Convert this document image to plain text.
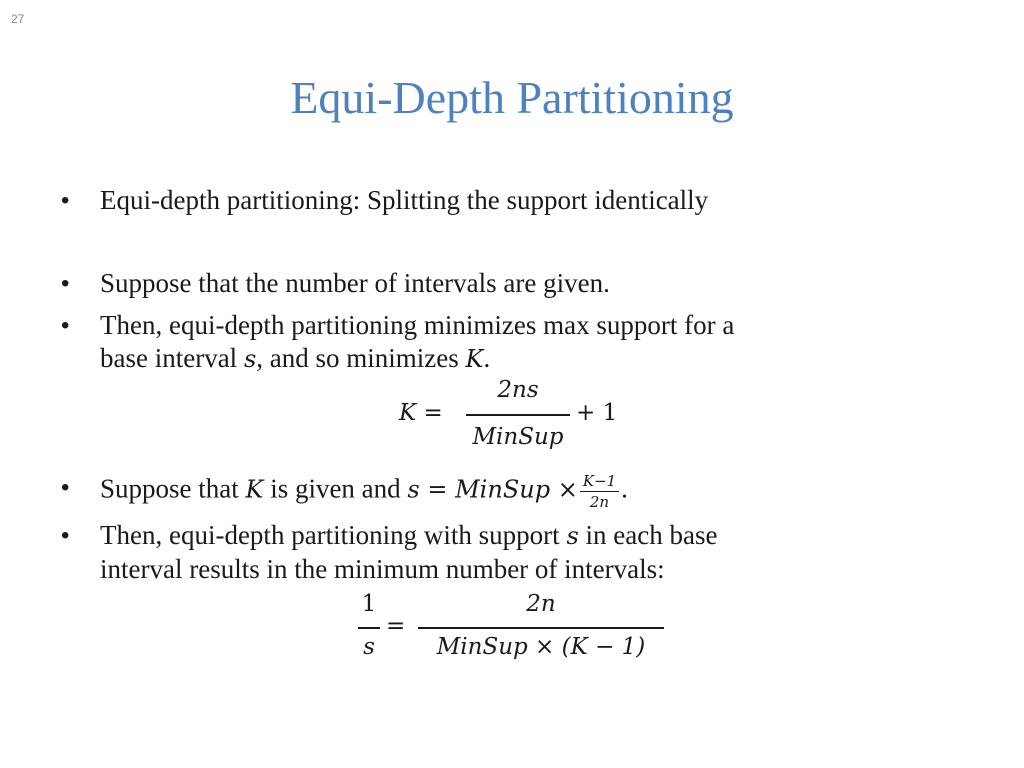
27
Equi-Depth Partitioning
• Equi-depth partitioning: Splitting the support identically
• Suppose that the number of intervals are given.
• Then, equi-depth partitioning minimizes max support for a
base interval s, and so minimizes K.
K =
2ns
MinSup
+ 1
• Suppose that K is given and s = MinSup × $\frac{K-1}{2n}$ .
• Then, equi-depth partitioning with support s in each base
interval results in the minimum number of intervals:
1
s
=
2n
MinSup × (K − 1)
